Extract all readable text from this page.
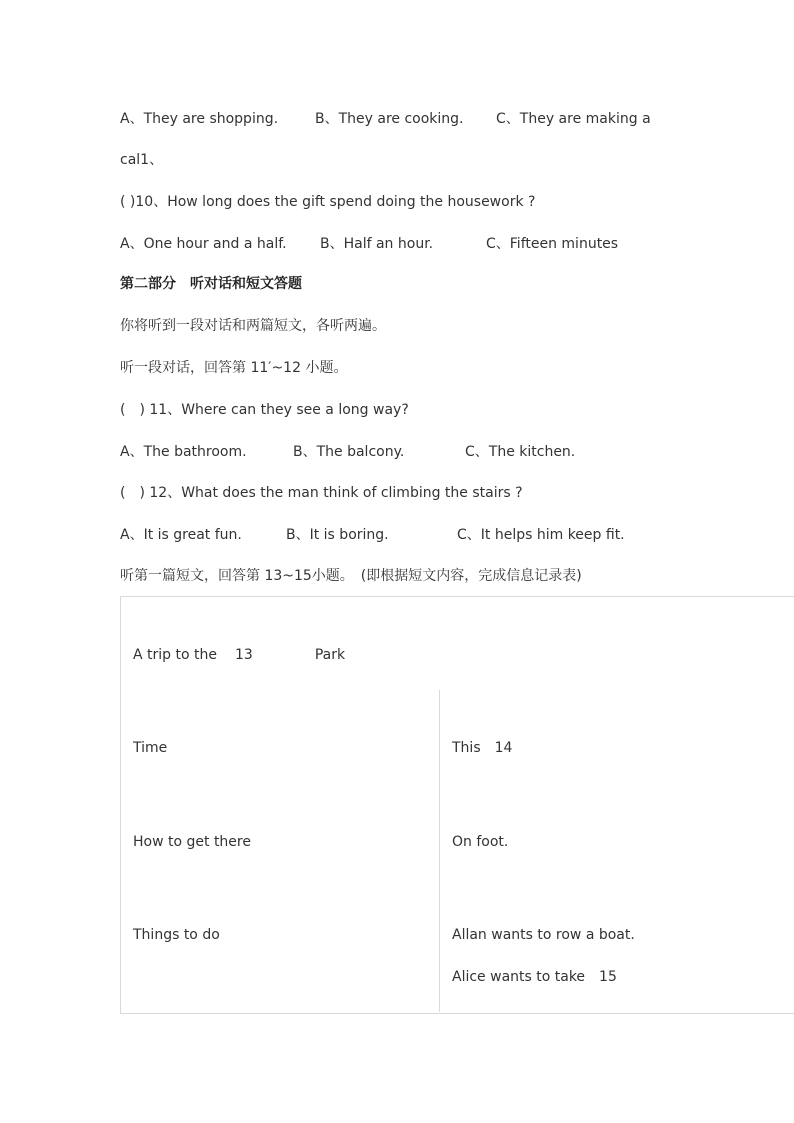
A、They are shopping.	B、They are cooking. C、They are making a
cal1、
( )10、How long does the gift spend doing the housework ?
A、One hour and a half. B、Half an hour.	C、Fifteen minutes
第二部分　听对话和短文答题
你将听到一段对话和两篇短文，各听两遍。
听一段对话，回答第 11′~12 小题。
(　) 11、Where can they see a long way?
A、The bathroom.	B、The balcony.	C、The kitchen.
(　) 12、What does the man think of climbing the stairs ?
A、It is great fun.	B、It is boring.	C、It helps him keep fit.
听第一篇短文，回答第 13~15小题。　(即根据短文内容，完成信息记录表)
A trip to the 13	Park
Time	This　14
How to get there	On foot.
Things to do	Allan wants to row a boat.
Alice wants to take　15
